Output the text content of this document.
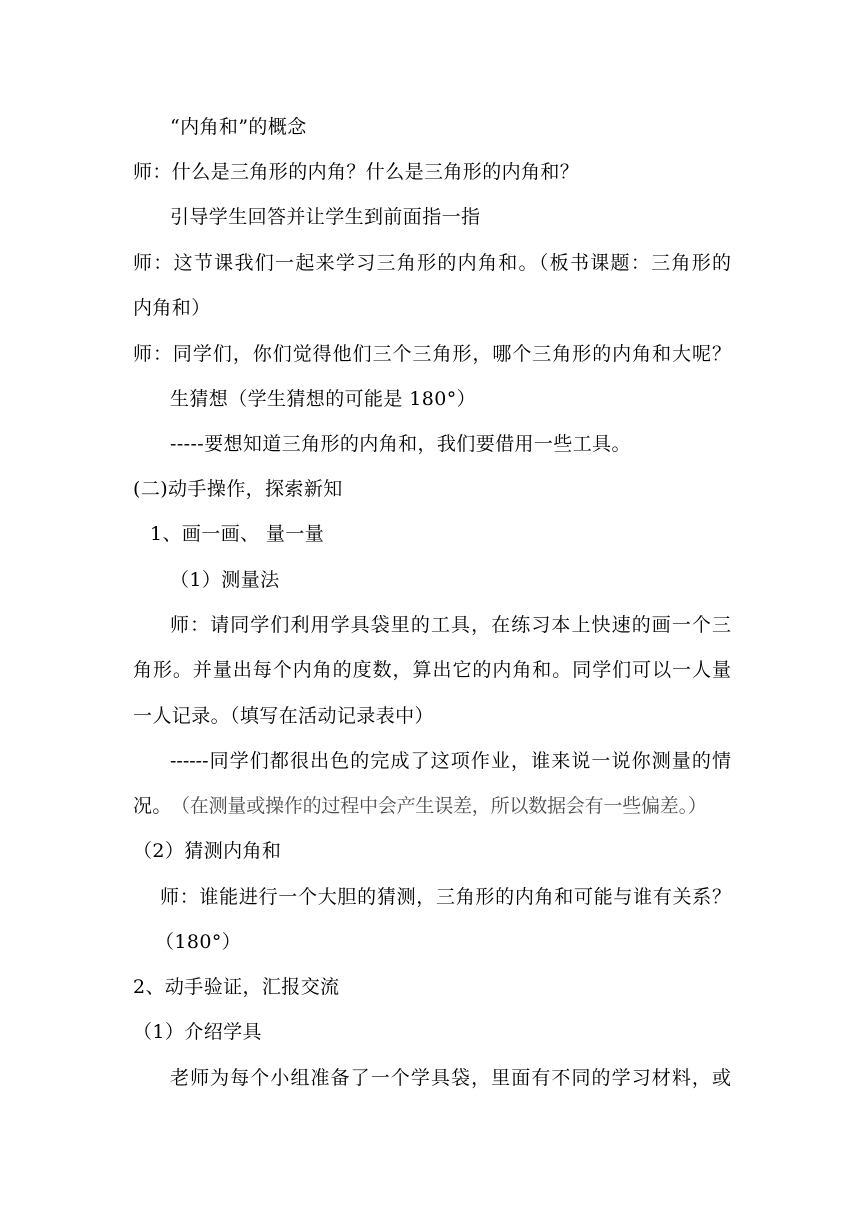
“内角和”的概念
师：什么是三角形的内角？什么是三角形的内角和？
引导学生回答并让学生到前面指一指
师：这节课我们一起来学习三角形的内角和。（板书课题：三角形的
内角和）
师：同学们，你们觉得他们三个三角形，哪个三角形的内角和大呢？
生猜想（学生猜想的可能是 180°）
-----要想知道三角形的内角和，我们要借用一些工具。
(二)动手操作，探索新知
1、画一画、 量一量
（1）测量法
师：请同学们利用学具袋里的工具，在练习本上快速的画一个三
角形。并量出每个内角的度数，算出它的内角和。同学们可以一人量
一人记录。（填写在活动记录表中）
------同学们都很出色的完成了这项作业，谁来说一说你测量的情
况。 （在测量或操作的过程中会产生误差，所以数据会有一些偏差。）
（2）猜测内角和
师：谁能进行一个大胆的猜测，三角形的内角和可能与谁有关系？
（180°）
2、动手验证，汇报交流
（1）介绍学具
老师为每个小组准备了一个学具袋，里面有不同的学习材料，或
